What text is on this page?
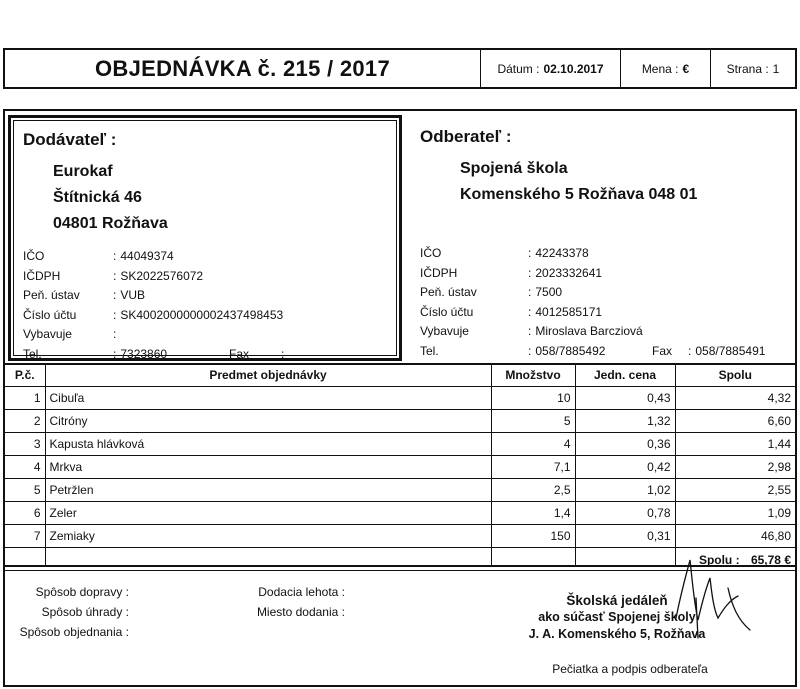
OBJEDNÁVKA č. 215 / 2017	Dátum : 02.10.2017	Mena : €	Strana : 1
Dodávateľ :
Eurokaf
Štítnická 46
04801 Rožňava
IČO	: 44049374
IČDPH	: SK2022576072
Peň. ústav	: VUB
Číslo účtu	: SK4002000000002437498453
Vybavuje
:
Tel.	: 7323860	Fax
:
Odberateľ :
Spojená škola
Komenského 5 Rožňava 048 01
IČO	: 42243378
IČDPH	: 2023332641
Peň. ústav	: 7500
Číslo účtu	: 4012585171
Vybavuje	: Miroslava Barcziová
Tel.	: 058/7885492	Fax	: 058/7885491
P.č.	Predmet objednávky	Množstvo	Jedn. cena	Spolu
1	Cibuľa	10	0,43	4,32
2	Citróny	5	1,32	6,60
3	Kapusta hlávková	4	0,36	1,44
4	Mrkva	7,1	0,42	2,98
5	Petržlen	2,5	1,02	2,55
6	Zeler	1,4	0,78	1,09
7	Zemiaky	150	0,31	46,80

Spolu : 65,78 €
Spôsob dopravy :
Spôsob úhrady :
Spôsob objednania :
Dodacia lehota :
Miesto dodania :
Školská jedáleň
ako súčasť Spojenej školy
J. A. Komenského 5, Rožňava
Pečiatka a podpis odberateľa
